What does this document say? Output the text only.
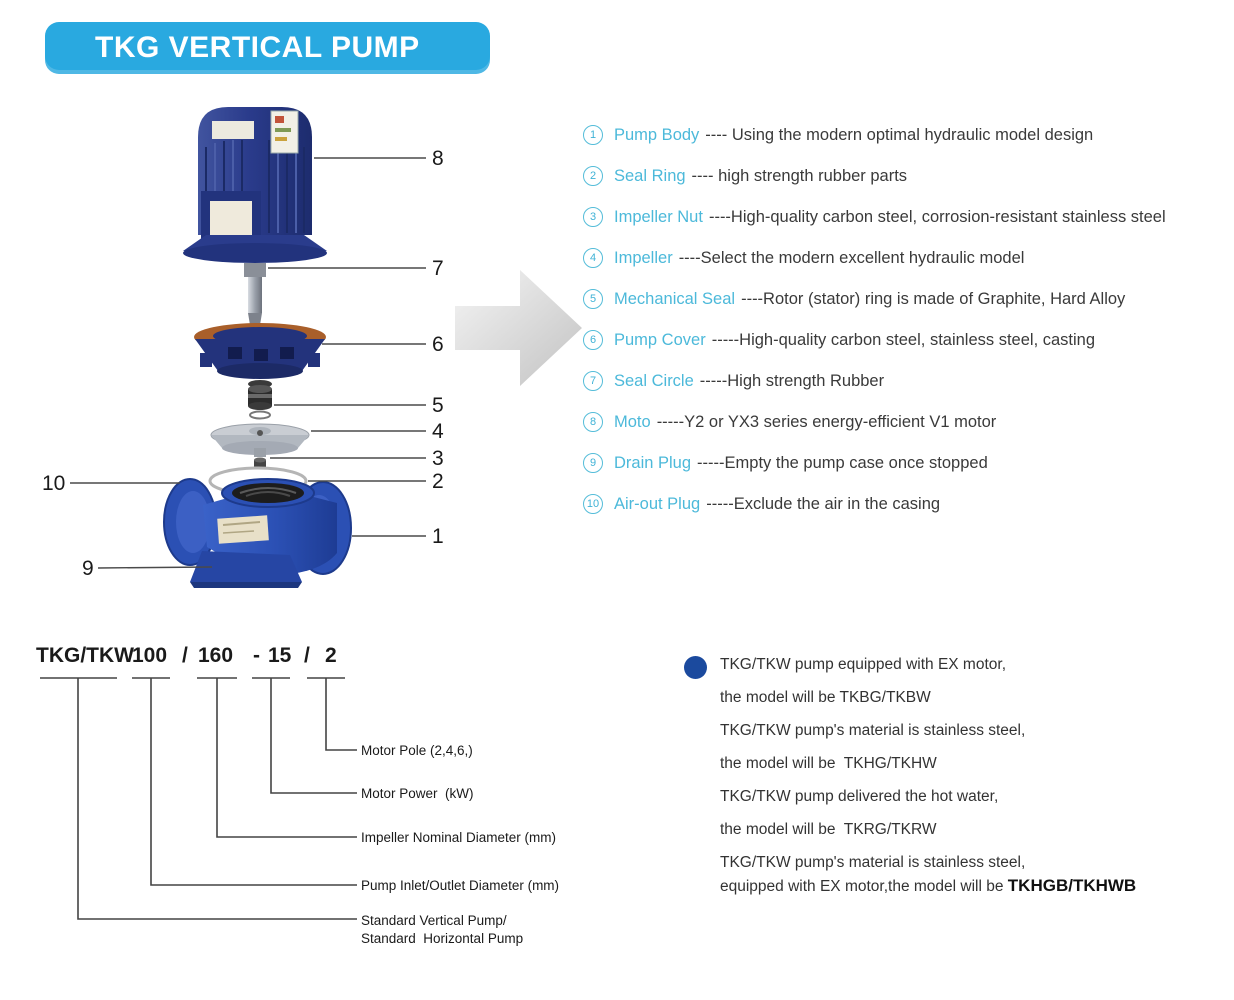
TKG VERTICAL PUMP
8
7
6
5
4
3
2
1
10
9
1	Pump Body ---- Using the modern optimal hydraulic model design
2	Seal Ring ---- high strength rubber parts
3	Impeller Nut ----High-quality carbon steel, corrosion-resistant stainless steel
4	Impeller ----Select the modern excellent hydraulic model
5	Mechanical Seal ----Rotor (stator) ring is made of Graphite, Hard Alloy
6	Pump Cover -----High-quality carbon steel, stainless steel, casting
7	Seal Circle -----High strength Rubber
8	Moto -----Y2 or YX3 series energy-efficient V1 motor
9	Drain Plug -----Empty the pump case once stopped
10 Air-out Plug -----Exclude the air in the casing
TKG/TKW
100 / 160 - 15 / 2
Motor Pole (2,4,6,)
Motor Power  (kW)
Impeller Nominal Diameter (mm)
Pump Inlet/Outlet Diameter (mm)
Standard Vertical Pump/
Standard  Horizontal Pump
TKG/TKW pump equipped with EX motor,
the model will be TKBG/TKBW
TKG/TKW pump's material is stainless steel,
the model will be  TKHG/TKHW
TKG/TKW pump delivered the hot water,
the model will be  TKRG/TKRW
TKG/TKW pump's material is stainless steel,
equipped with EX motor,the model will be TKHGB/TKHWB
